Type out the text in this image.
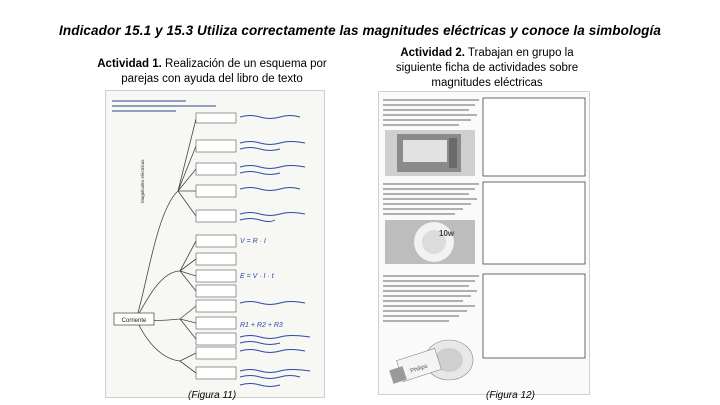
Indicador 15.1 y 15.3 Utiliza correctamente las magnitudes eléctricas y conoce la simbología
Actividad 1. Realización de un esquema por parejas con ayuda del libro de texto
Actividad 2. Trabajan en grupo la siguiente ficha de actividades sobre magnitudes eléctricas
V = R · I
E = V · I · t
R1 + R2 + R3
Magnitudes eléctricas
Corriente
(Figura 11)
10w
Philips
(Figura 12)
